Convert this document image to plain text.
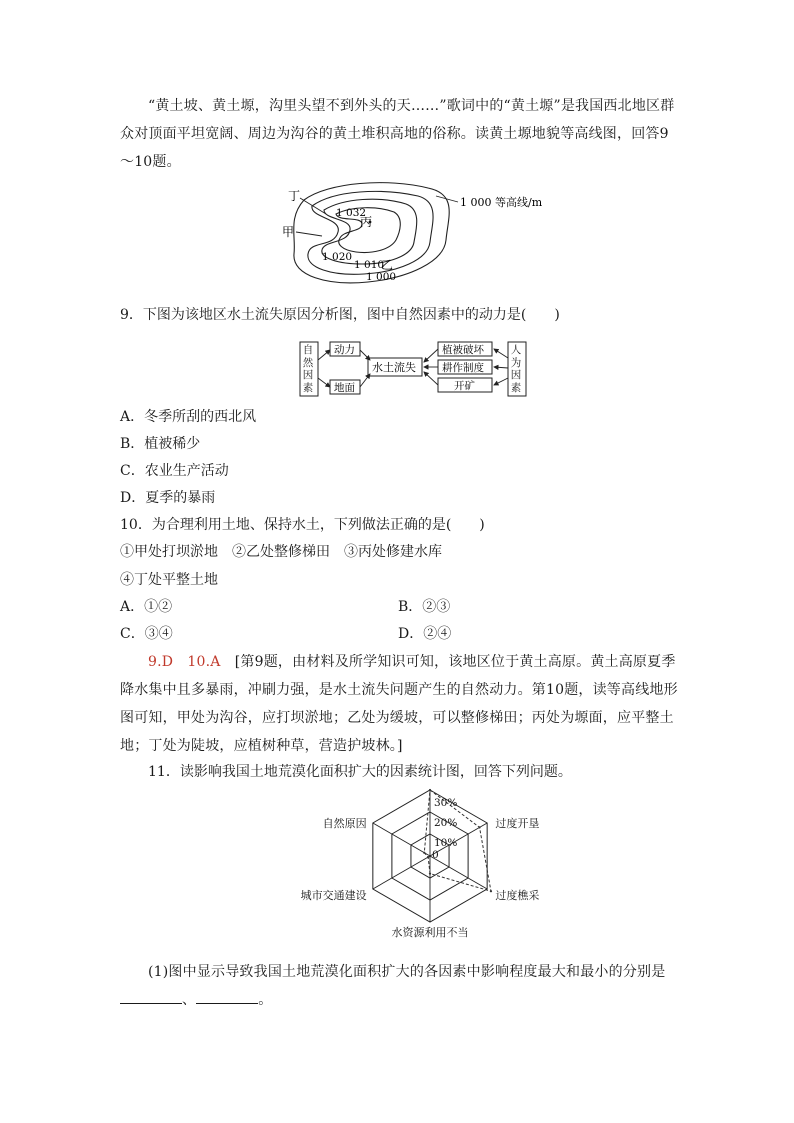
“黄土坡、黄土塬，沟里头望不到外头的天……”歌词中的“黄土塬”是我国西北地区群众对顶面平坦宽阔、周边为沟谷的黄土堆积高地的俗称。读黄土塬地貌等高线图，回答9～10题。

1 000 等高线/m
丁
甲
1 032
丙
1 020
1 010
乙
1 000
9．下图为该地区水土流失原因分析图，图中自然因素中的动力是(　　)
动力
地面
水土流失
植被破坏
耕作制度
开矿
自
然
因
素
人
为
因
素
A．冬季所刮的西北风
B．植被稀少
C．农业生产活动
D．夏季的暴雨
10．为合理利用土地、保持水土，下列做法正确的是(　　)
①甲处打坝淤地　②乙处整修梯田　③丙处修建水库
④丁处平整土地
A．①②	B．②③
C．③④	D．②④

9.D　10.A　 [第9题，由材料及所学知识可知，该地区位于黄土高原。黄土高原夏季降水集中且多暴雨，冲刷力强，是水土流失问题产生的自然动力。第10题，读等高线地形图可知，甲处为沟谷，应打坝淤地；乙处为缓坡，可以整修梯田；丙处为塬面，应平整土地；丁处为陡坡，应植树种草，营造护坡林。]

11．读影响我国土地荒漠化面积扩大的因素统计图，回答下列问题。
30%
20%
10%
0
过度开垦
过度樵采
水资源利用不当
城市交通建设
自然原因

(1)图中显示导致我国土地荒漠化面积扩大的各因素中影响程度最大和最小的分别是、	。
